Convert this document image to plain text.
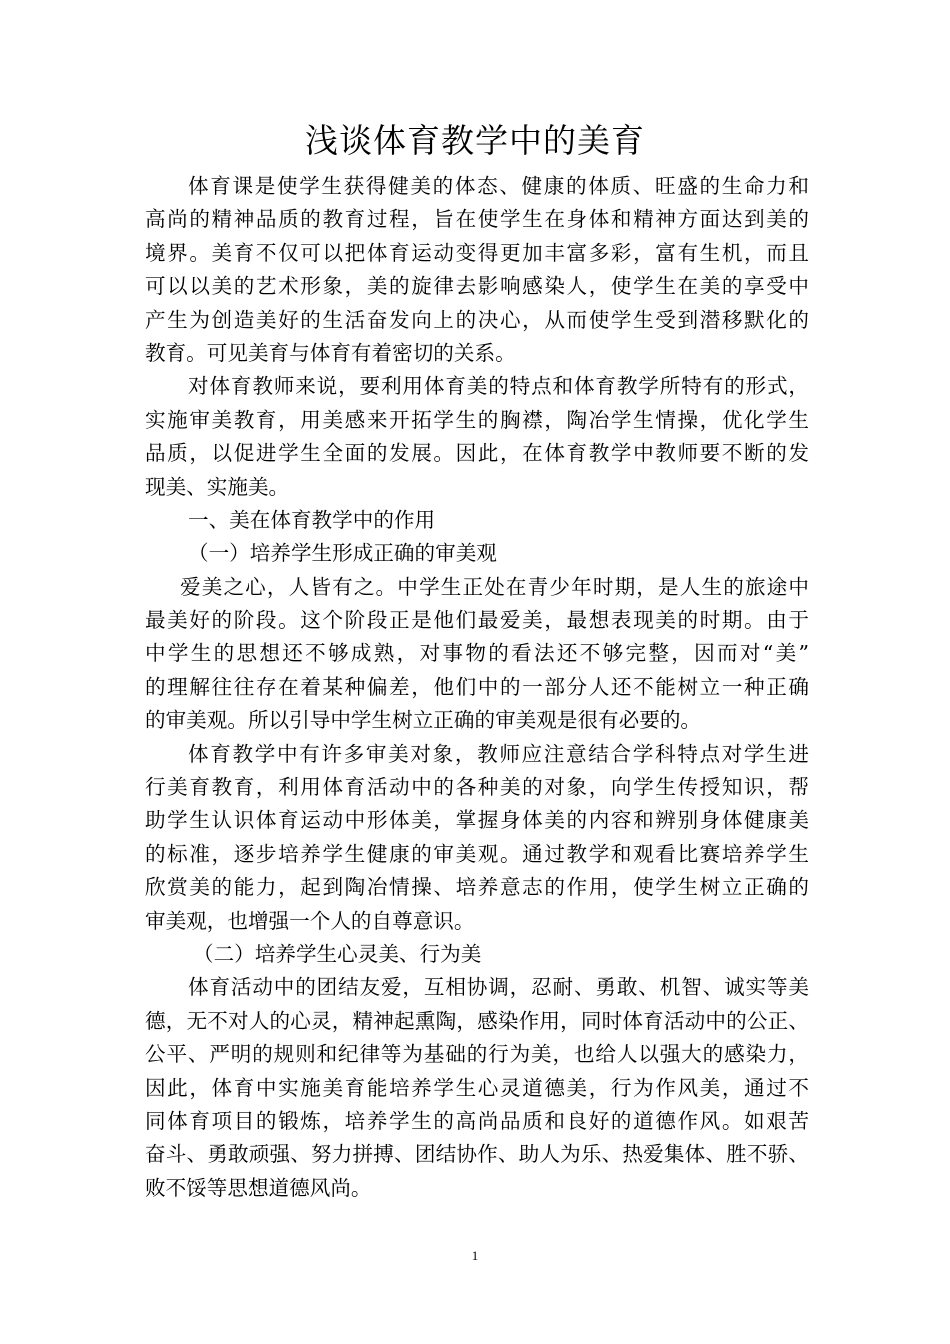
浅谈体育教学中的美育
体育课是使学生获得健美的体态、健康的体质、旺盛的生命力和
高尚的精神品质的教育过程，旨在使学生在身体和精神方面达到美的
境界。美育不仅可以把体育运动变得更加丰富多彩，富有生机，而且
可以以美的艺术形象，美的旋律去影响感染人，使学生在美的享受中
产生为创造美好的生活奋发向上的决心，从而使学生受到潜移默化的
教育。可见美育与体育有着密切的关系。
对体育教师来说，要利用体育美的特点和体育教学所特有的形式，
实施审美教育，用美感来开拓学生的胸襟，陶冶学生情操，优化学生
品质，以促进学生全面的发展。因此，在体育教学中教师要不断的发
现美、实施美。
一、美在体育教学中的作用
（一）培养学生形成正确的审美观
爱美之心，人皆有之。中学生正处在青少年时期，是人生的旅途中
最美好的阶段。这个阶段正是他们最爱美，最想表现美的时期。由于
中学生的思想还不够成熟，对事物的看法还不够完整，因而对“美”
的理解往往存在着某种偏差，他们中的一部分人还不能树立一种正确
的审美观。所以引导中学生树立正确的审美观是很有必要的。
体育教学中有许多审美对象，教师应注意结合学科特点对学生进
行美育教育，利用体育活动中的各种美的对象，向学生传授知识，帮
助学生认识体育运动中形体美，掌握身体美的内容和辨别身体健康美
的标准，逐步培养学生健康的审美观。通过教学和观看比赛培养学生
欣赏美的能力，起到陶冶情操、培养意志的作用，使学生树立正确的
审美观，也增强一个人的自尊意识。
（二）培养学生心灵美、行为美
体育活动中的团结友爱，互相协调，忍耐、勇敢、机智、诚实等美
德，无不对人的心灵，精神起熏陶，感染作用，同时体育活动中的公正、
公平、严明的规则和纪律等为基础的行为美，也给人以强大的感染力，
因此，体育中实施美育能培养学生心灵道德美，行为作风美，通过不
同体育项目的锻炼，培养学生的高尚品质和良好的道德作风。如艰苦
奋斗、勇敢顽强、努力拼搏、团结协作、助人为乐、热爱集体、胜不骄、
败不馁等思想道德风尚。
1
